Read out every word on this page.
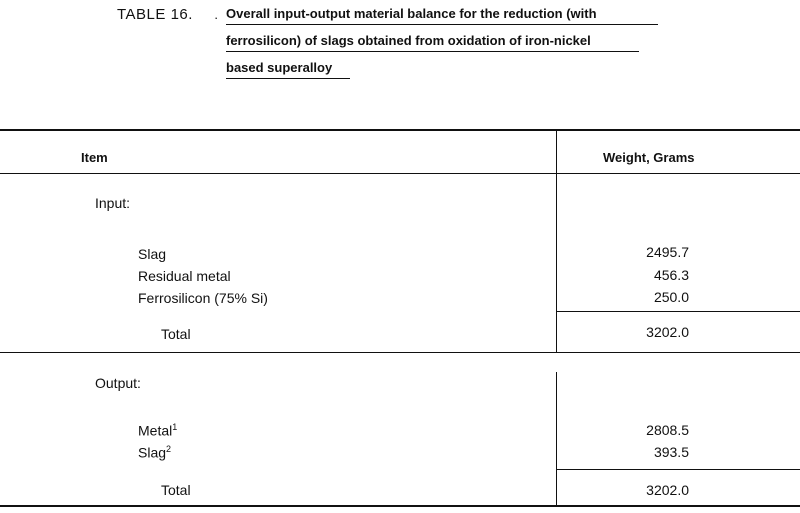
TABLE 16. · Overall input-output material balance for the reduction (with
ferrosilicon) of slags obtained from oxidation of iron-nickel
based superalloy
Item	Weight, Grams
Input:
Slag	2495.7
Residual metal	456.3
Ferrosilicon (75% Si)	250.0
Total	3202.0
Output:
Metal$^1$	2808.5
Slag$^2$	393.5
Total	3202.0
